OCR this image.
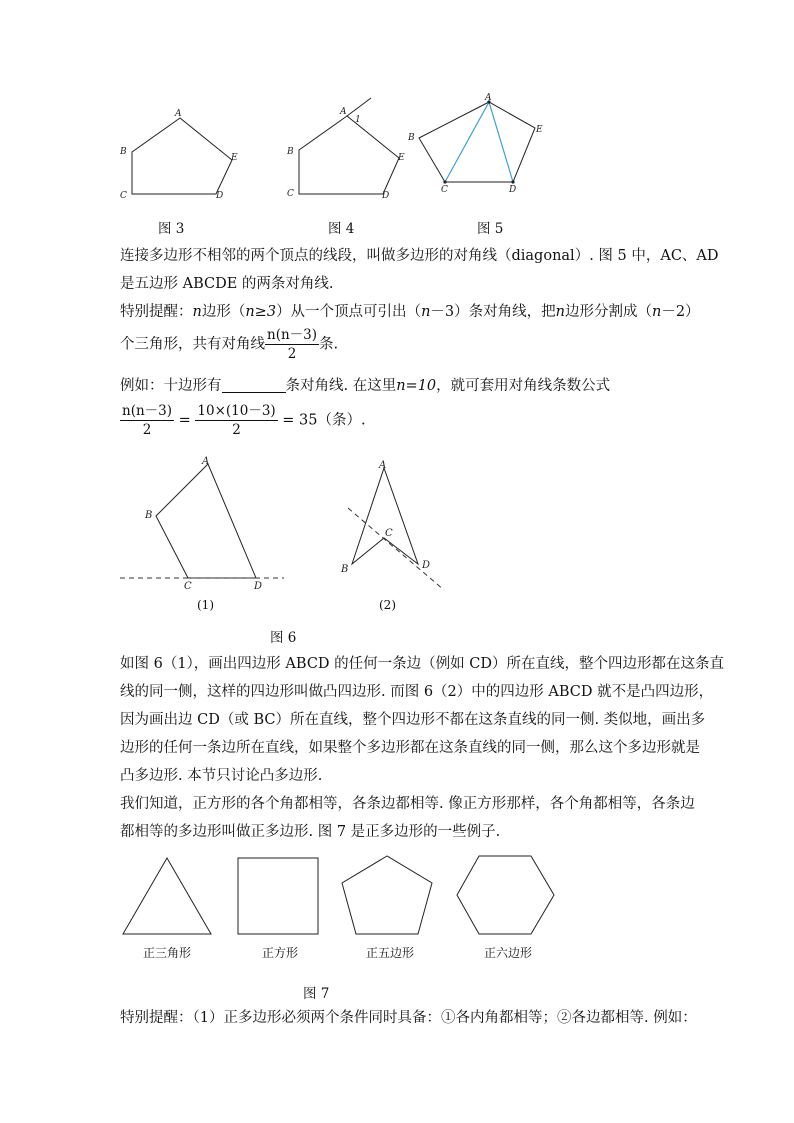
A
B
C	D
E
A
1
B
C	D
E
A
B
C	D
E
图 3	图 4	图 5
连接多边形不相邻的两个顶点的线段，叫做多边形的对角线（diagonal）. 图 5 中，AC、AD
是五边形 ABCDE 的两条对角线.
特别提醒：n边形（n≥3）从一个顶点可引出（n－3）条对角线，把n边形分割成（n－2）
个三角形，共有对角线 $\frac{n(n-3)}{2}$ 条.
例如：十边形有	条对角线. 在这里n=10，就可套用对角线条数公式
$\frac{n(n-3)}{2} = \frac{10\times(10-3)}{2} = 35$（条）.
A
B
C	D
A
B
C
D
(1)	(2)
图 6
如图 6（1），画出四边形 ABCD 的任何一条边（例如 CD）所在直线，整个四边形都在这条直
线的同一侧，这样的四边形叫做凸四边形. 而图 6（2）中的四边形 ABCD 就不是凸四边形，
因为画出边 CD（或 BC）所在直线，整个四边形不都在这条直线的同一侧. 类似地，画出多
边形的任何一条边所在直线，如果整个多边形都在这条直线的同一侧，那么这个多边形就是
凸多边形. 本节只讨论凸多边形.
我们知道，正方形的各个角都相等，各条边都相等. 像正方形那样，各个角都相等，各条边
都相等的多边形叫做正多边形. 图 7 是正多边形的一些例子.
正三角形	正方形	正五边形	正六边形
图 7
特别提醒：（1）正多边形必须两个条件同时具备：①各内角都相等；②各边都相等. 例如：
